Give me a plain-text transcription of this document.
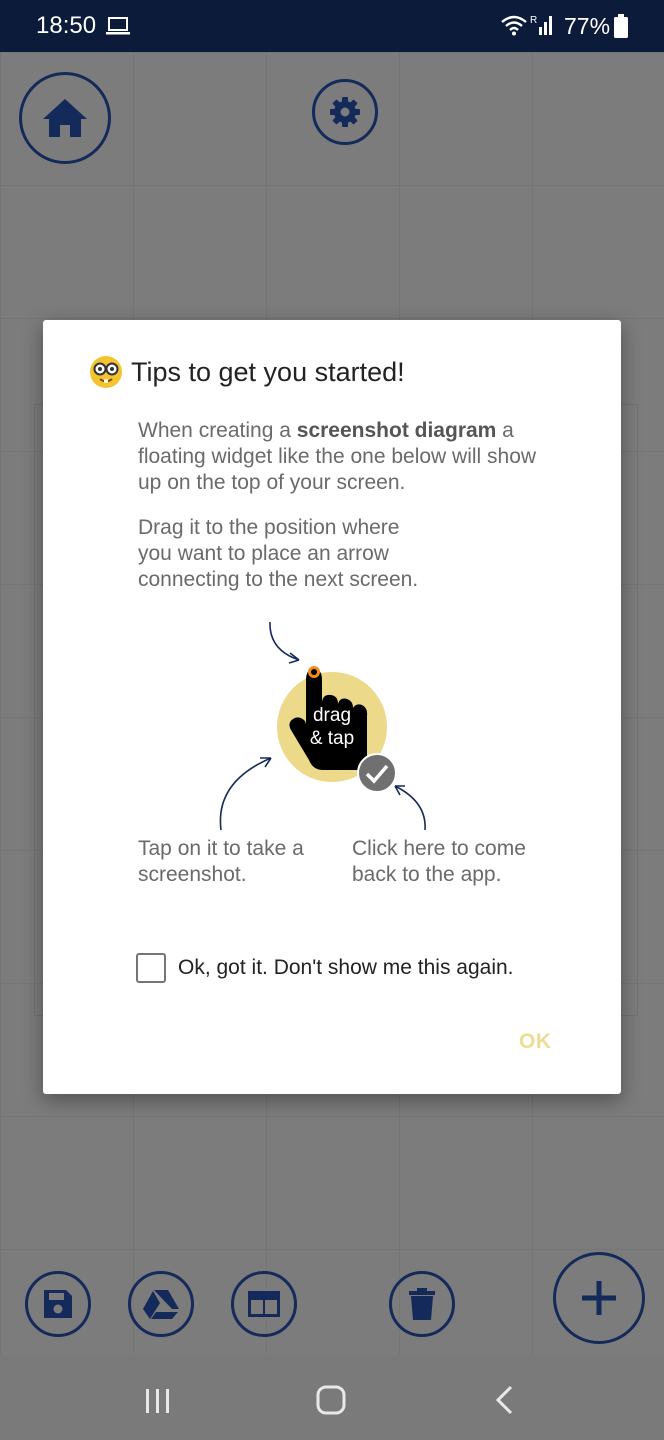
18:50	R 77%
Tips to get you started!
When creating a screenshot diagram a floating widget like the one below will show up on the top of your screen.
Drag it to the position where you want to place an arrow connecting to the next screen.
drag
& tap
Tap on it to take a screenshot.
Click here to come back to the app.
Ok, got it. Don't show me this again.
OK
